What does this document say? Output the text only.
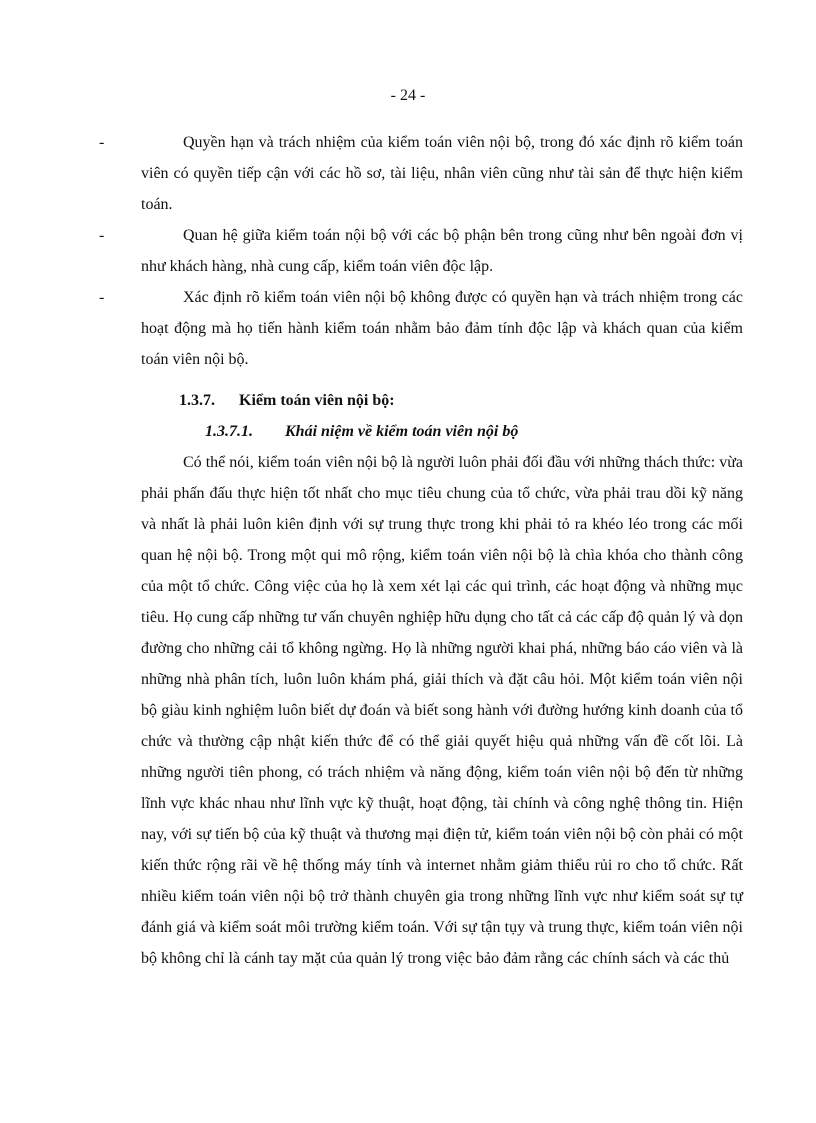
- 24 -

-	Quyền hạn và trách nhiệm của kiểm toán viên nội bộ, trong đó xác định rõ kiểm toán viên có quyền tiếp cận với các hồ sơ, tài liệu, nhân viên cũng như tài sản để thực hiện kiểm toán.

-	Quan hệ giữa kiểm toán nội bộ với các bộ phận bên trong cũng như bên ngoài đơn vị như khách hàng, nhà cung cấp, kiểm toán viên độc lập.

-	Xác định rõ kiểm toán viên nội bộ không được có quyền hạn và trách nhiệm trong các hoạt động mà họ tiến hành kiểm toán nhằm bảo đảm tính độc lập và khách quan của kiểm toán viên nội bộ.

1.3.7. Kiểm toán viên nội bộ:
1.3.7.1. Khái niệm về kiểm toán viên nội bộ

Có thể nói, kiểm toán viên nội bộ là người luôn phải đối đầu với những thách thức: vừa phải phấn đấu thực hiện tốt nhất cho mục tiêu chung của tổ chức, vừa phải trau dồi kỹ năng và nhất là phải luôn kiên định với sự trung thực trong khi phải tỏ ra khéo léo trong các mối quan hệ nội bộ. Trong một qui mô rộng, kiểm toán viên nội bộ là chìa khóa cho thành công của một tổ chức. Công việc của họ là xem xét lại các qui trình, các hoạt động và những mục tiêu. Họ cung cấp những tư vấn chuyên nghiệp hữu dụng cho tất cả các cấp độ quản lý và dọn đường cho những cải tổ không ngừng. Họ là những người khai phá, những báo cáo viên và là những nhà phân tích, luôn luôn khám phá, giải thích và đặt câu hỏi. Một kiểm toán viên nội bộ giàu kinh nghiệm luôn biết dự đoán và biết song hành với đường hướng kinh doanh của tổ chức và thường cập nhật kiến thức để có thể giải quyết hiệu quả những vấn đề cốt lõi. Là những người tiên phong, có trách nhiệm và năng động, kiểm toán viên nội bộ đến từ những lĩnh vực khác nhau như lĩnh vực kỹ thuật, hoạt động, tài chính và công nghệ thông tin. Hiện nay, với sự tiến bộ của kỹ thuật và thương mại điện tử, kiểm toán viên nội bộ còn phải có một kiến thức rộng rãi về hệ thống máy tính và internet nhằm giảm thiểu rủi ro cho tổ chức. Rất nhiều kiểm toán viên nội bộ trở thành chuyên gia trong những lĩnh vực như kiểm soát sự tự đánh giá và kiểm soát môi trường kiểm toán. Với sự tận tụy và trung thực, kiểm toán viên nội bộ không chỉ là cánh tay mặt của quản lý trong việc bảo đảm rằng các chính sách và các thủ
